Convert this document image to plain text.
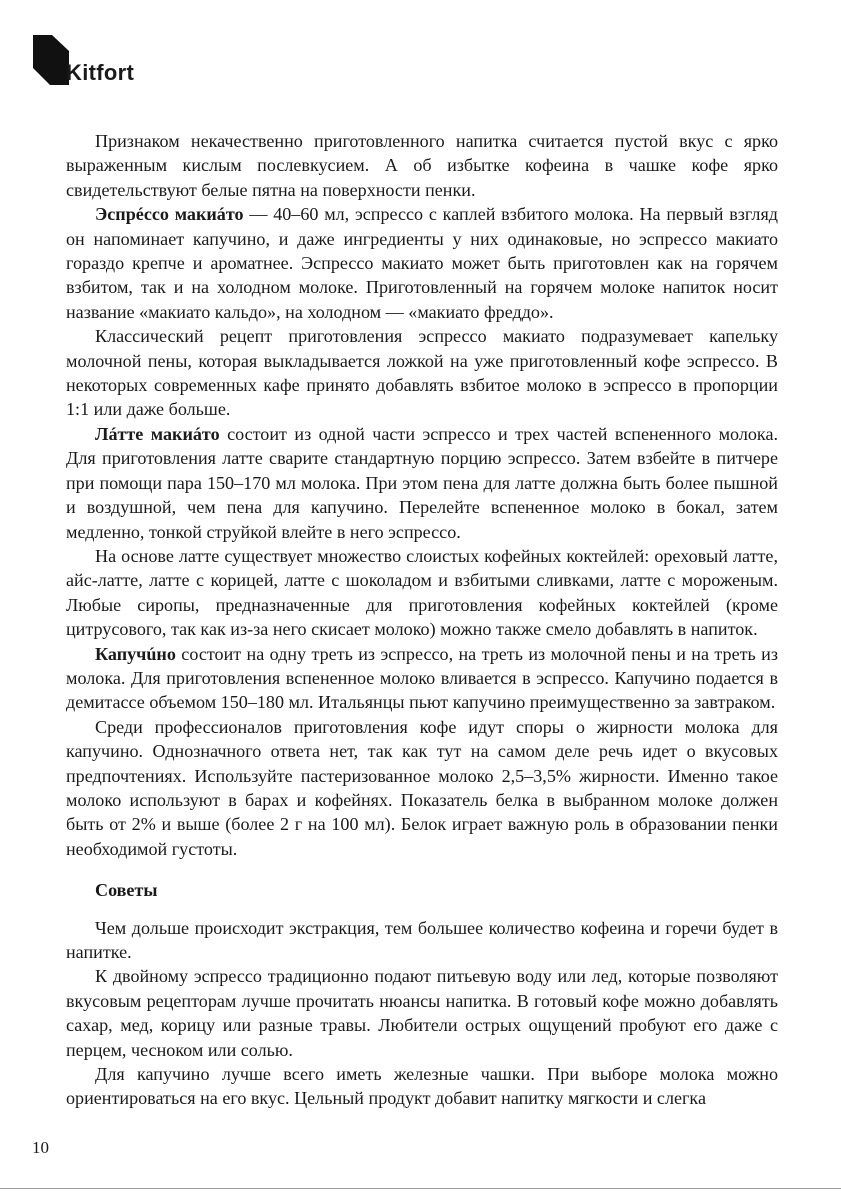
Kitfort

Признаком некачественно приготовленного напитка считается пустой вкус с ярко выраженным кислым послевкусием. А об избытке кофеина в чашке кофе ярко свидетельствуют белые пятна на поверхности пенки.

Эспрéссо макиáто — 40–60 мл, эспрессо с каплей взбитого молока. На первый взгляд он напоминает капучино, и даже ингредиенты у них одинаковые, но эспрессо макиато гораздо крепче и ароматнее. Эспрессо макиато может быть приготовлен как на горячем взбитом, так и на холодном молоке. Приготовленный на горячем молоке напиток носит название «макиато кальдо», на холодном — «макиато фреддо».

Классический рецепт приготовления эспрессо макиато подразумевает капельку молочной пены, которая выкладывается ложкой на уже приготовленный кофе эспрессо. В некоторых современных кафе принято добавлять взбитое молоко в эспрессо в пропорции 1:1 или даже больше.

Лáтте макиáто состоит из одной части эспрессо и трех частей вспененного молока. Для приготовления латте сварите стандартную порцию эспрессо. Затем взбейте в питчере при помощи пара 150–170 мл молока. При этом пена для латте должна быть более пышной и воздушной, чем пена для капучино. Перелейте вспененное молоко в бокал, затем медленно, тонкой струйкой влейте в него эспрессо.

На основе латте существует множество слоистых кофейных коктейлей: ореховый латте, айс-латте, латте с корицей, латте с шоколадом и взбитыми сливками, латте с мороженым. Любые сиропы, предназначенные для приготовления кофейных коктейлей (кроме цитрусового, так как из-за него скисает молоко) можно также смело добавлять в напиток.

Капучúно состоит на одну треть из эспрессо, на треть из молочной пены и на треть из молока. Для приготовления вспененное молоко вливается в эспрессо. Капучино подается в демитассе объемом 150–180 мл. Итальянцы пьют капучино преимущественно за завтраком.

Среди профессионалов приготовления кофе идут споры о жирности молока для капучино. Однозначного ответа нет, так как тут на самом деле речь идет о вкусовых предпочтениях. Используйте пастеризованное молоко 2,5–3,5% жирности. Именно такое молоко используют в барах и кофейнях. Показатель белка в выбранном молоке должен быть от 2% и выше (более 2 г на 100 мл). Белок играет важную роль в образовании пенки необходимой густоты.

Советы

Чем дольше происходит экстракция, тем большее количество кофеина и горечи будет в напитке.

К двойному эспрессо традиционно подают питьевую воду или лед, которые позволяют вкусовым рецепторам лучше прочитать нюансы напитка. В готовый кофе можно добавлять сахар, мед, корицу или разные травы. Любители острых ощущений пробуют его даже с перцем, чесноком или солью.

Для капучино лучше всего иметь железные чашки. При выборе молока можно ориентироваться на его вкус. Цельный продукт добавит напитку мягкости и слегка

10
